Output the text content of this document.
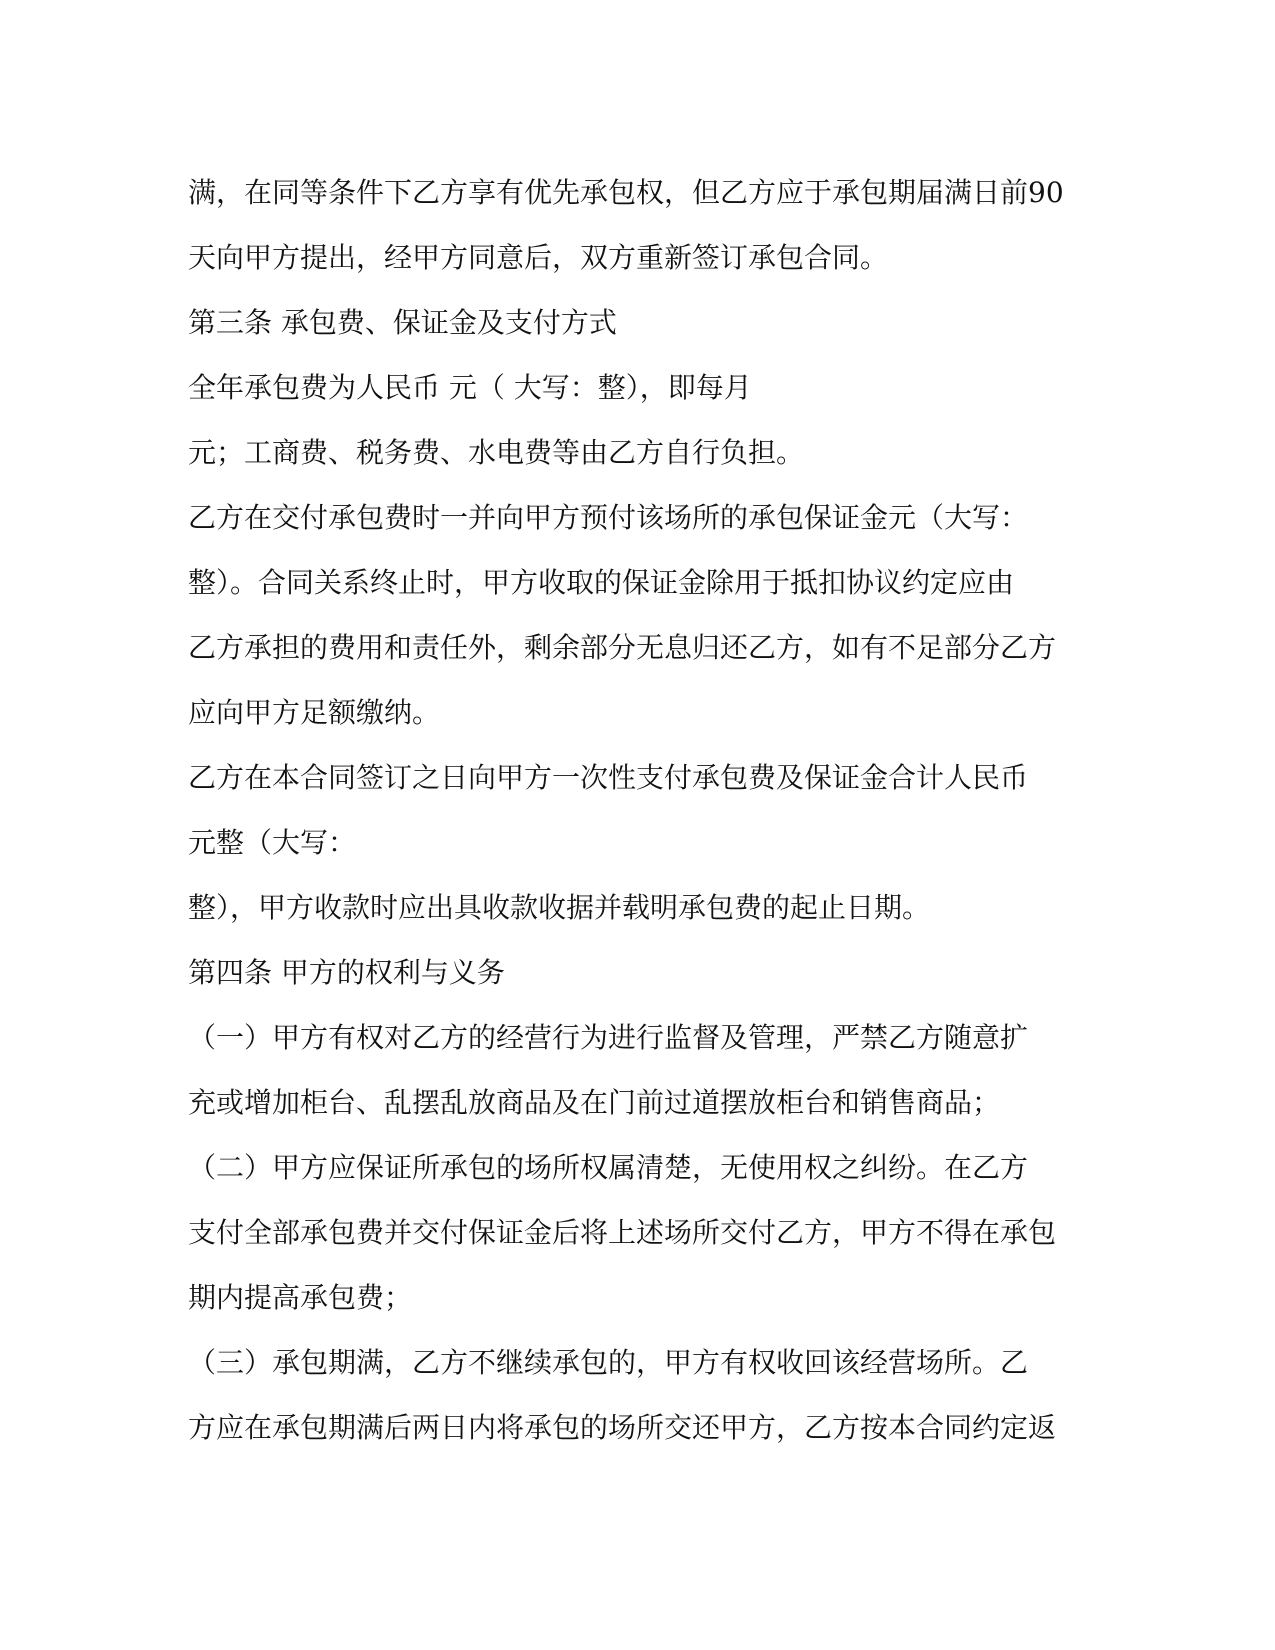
满，在同等条件下乙方享有优先承包权，但乙方应于承包期届满日前90
天向甲方提出，经甲方同意后，双方重新签订承包合同。
第三条 承包费、保证金及支付方式
全年承包费为人民币 元（ 大写：整），即每月
元；工商费、税务费、水电费等由乙方自行负担。
乙方在交付承包费时一并向甲方预付该场所的承包保证金元（大写：
整）。合同关系终止时，甲方收取的保证金除用于抵扣协议约定应由
乙方承担的费用和责任外，剩余部分无息归还乙方，如有不足部分乙方
应向甲方足额缴纳。
乙方在本合同签订之日向甲方一次性支付承包费及保证金合计人民币
元整（大写：
整），甲方收款时应出具收款收据并载明承包费的起止日期。
第四条 甲方的权利与义务
（一）甲方有权对乙方的经营行为进行监督及管理，严禁乙方随意扩
充或增加柜台、乱摆乱放商品及在门前过道摆放柜台和销售商品；
（二）甲方应保证所承包的场所权属清楚，无使用权之纠纷。在乙方
支付全部承包费并交付保证金后将上述场所交付乙方，甲方不得在承包
期内提高承包费；
（三）承包期满，乙方不继续承包的，甲方有权收回该经营场所。乙
方应在承包期满后两日内将承包的场所交还甲方，乙方按本合同约定返
